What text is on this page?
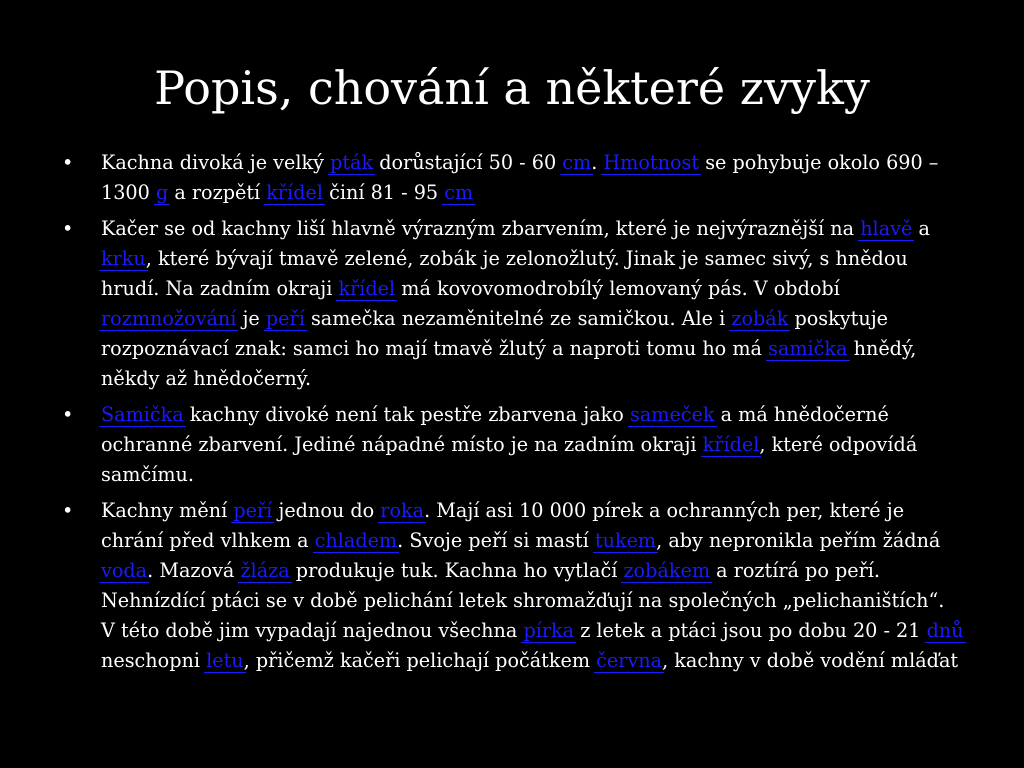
Popis, chování a některé zvyky
•	Kachna divoká je velký pták dorůstající 50 - 60 cm. Hmotnost se pohybuje okolo 690 – 1300 g a rozpětí křídel činí 81 - 95 cm
•	Kačer se od kachny liší hlavně výrazným zbarvením, které je nejvýraznější na hlavě a krku, které bývají tmavě zelené, zobák je zelonožlutý. Jinak je samec sivý, s hnědou hrudí. Na zadním okraji křídel má kovovomodrobílý lemovaný pás. V období rozmnožování je peří samečka nezaměnitelné ze samičkou. Ale i zobák poskytuje rozpoznávací znak: samci ho mají tmavě žlutý a naproti tomu ho má samička hnědý, někdy až hnědočerný.
•	Samička kachny divoké není tak pestře zbarvena jako sameček a má hnědočerné ochranné zbarvení. Jediné nápadné místo je na zadním okraji křídel, které odpovídá samčímu.
•	Kachny mění peří jednou do roka. Mají asi 10 000 pírek a ochranných per, které je chrání před vlhkem a chladem. Svoje peří si mastí tukem, aby nepronikla peřím žádná voda. Mazová žláza produkuje tuk. Kachna ho vytlačí zobákem a roztírá po peří. Nehnízdící ptáci se v době pelichání letek shromažďují na společných „pelichaništích“. V této době jim vypadají najednou všechna pírka z letek a ptáci jsou po dobu 20 - 21 dnů neschopni letu, přičemž kačeři pelichají počátkem června, kachny v době vodění mláďat
